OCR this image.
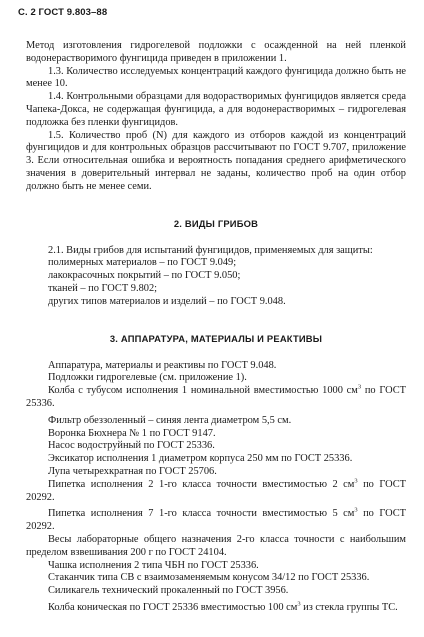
С. 2 ГОСТ 9.803–88

Метод изготовления гидрогелевой подложки с осажденной на ней пленкой водонерастворимого фунгицида приведен в приложении 1.

1.3. Количество исследуемых концентраций каждого фунгицида должно быть не менее 10.

1.4. Контрольными образцами для водорастворимых фунгицидов является среда Чапека-Докса, не содержащая фунгицида, а для водонерастворимых – гидрогелевая подложка без пленки фунгицидов.

1.5. Количество проб (N) для каждого из отборов каждой из концентраций фунгицидов и для контрольных образцов рассчитывают по ГОСТ 9.707, приложение 3. Если относительная ошибка и вероятность попадания среднего арифметического значения в доверительный интервал не заданы, количество проб на один отбор должно быть не менее семи.

2. ВИДЫ ГРИБОВ

2.1. Виды грибов для испытаний фунгицидов, применяемых для защиты:

полимерных материалов – по ГОСТ 9.049;

лакокрасочных покрытий – по ГОСТ 9.050;

тканей – по ГОСТ 9.802;

других типов материалов и изделий – по ГОСТ 9.048.

3. АППАРАТУРА, МАТЕРИАЛЫ И РЕАКТИВЫ

Аппаратура, материалы и реактивы по ГОСТ 9.048.

Подложки гидрогелевые (см. приложение 1).

Колба с тубусом исполнения 1 номинальной вместимостью 1000 $см^3$ по ГОСТ 25336.

Фильтр обеззоленный – синяя лента диаметром 5,5 см.

Воронка Бюхнера № 1 по ГОСТ 9147.

Насос водоструйный по ГОСТ 25336.

Эксикатор исполнения 1 диаметром корпуса 250 мм по ГОСТ 25336.

Лупа четырехкратная по ГОСТ 25706.

Пипетка исполнения 2 1-го класса точности вместимостью 2 $см^3$ по ГОСТ 20292.

Пипетка исполнения 7 1-го класса точности вместимостью 5 $см^3$ по ГОСТ 20292.

Весы лабораторные общего назначения 2-го класса точности с наибольшим пределом взвешивания 200 г по ГОСТ 24104.

Чашка исполнения 2 типа ЧБН по ГОСТ 25336.

Стаканчик типа СВ с взаимозаменяемым конусом 34/12 по ГОСТ 25336.

Силикагель технический прокаленный по ГОСТ 3956.

Колба коническая по ГОСТ 25336 вместимостью 100 $см^3$ из стекла группы ТС.
